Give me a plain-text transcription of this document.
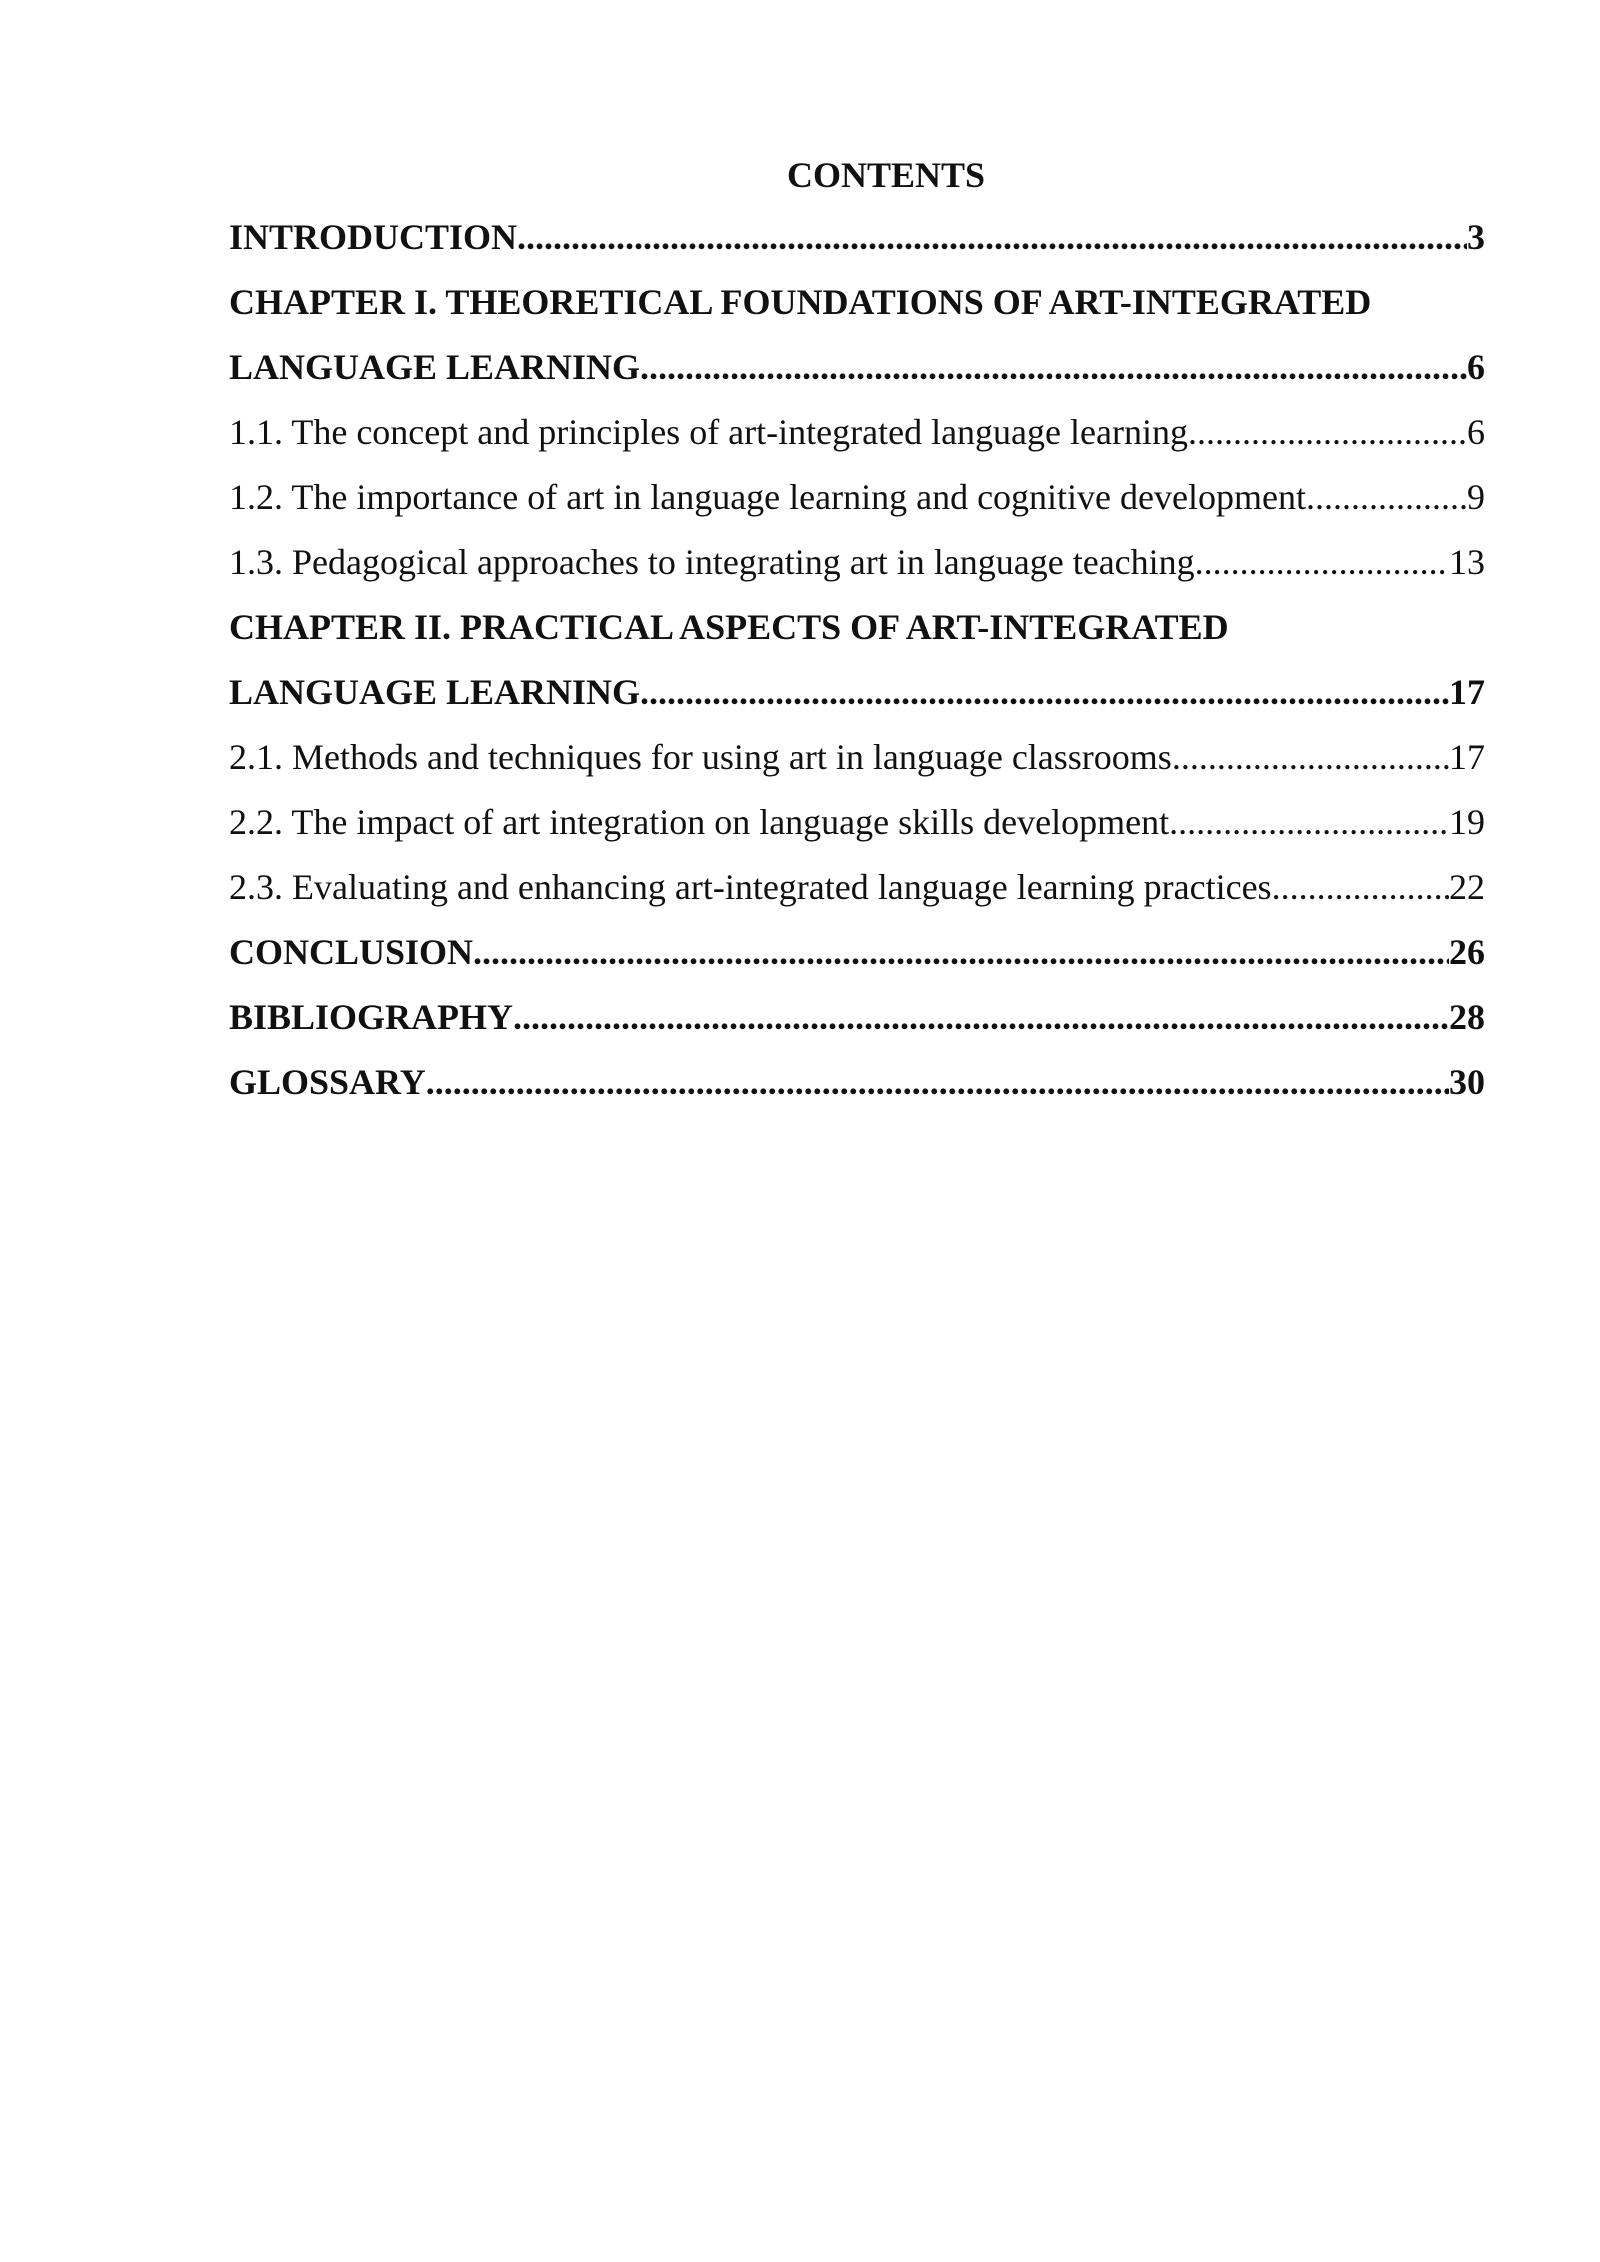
CONTENTS
INTRODUCTION .....	3
CHAPTER I. THEORETICAL FOUNDATIONS OF ART-INTEGRATED
LANGUAGE LEARNING .....	6
1.1. The concept and principles of art-integrated language learning .....	6
1.2. The importance of art in language learning and cognitive development .....	9
1.3. Pedagogical approaches to integrating art in language teaching .....	13
CHAPTER II. PRACTICAL ASPECTS OF ART-INTEGRATED
LANGUAGE LEARNING .....	17
2.1. Methods and techniques for using art in language classrooms .....	17
2.2. The impact of art integration on language skills development .....	19
2.3. Evaluating and enhancing art-integrated language learning practices .....	22
CONCLUSION .....	26
BIBLIOGRAPHY .....	28
GLOSSARY .....	30
